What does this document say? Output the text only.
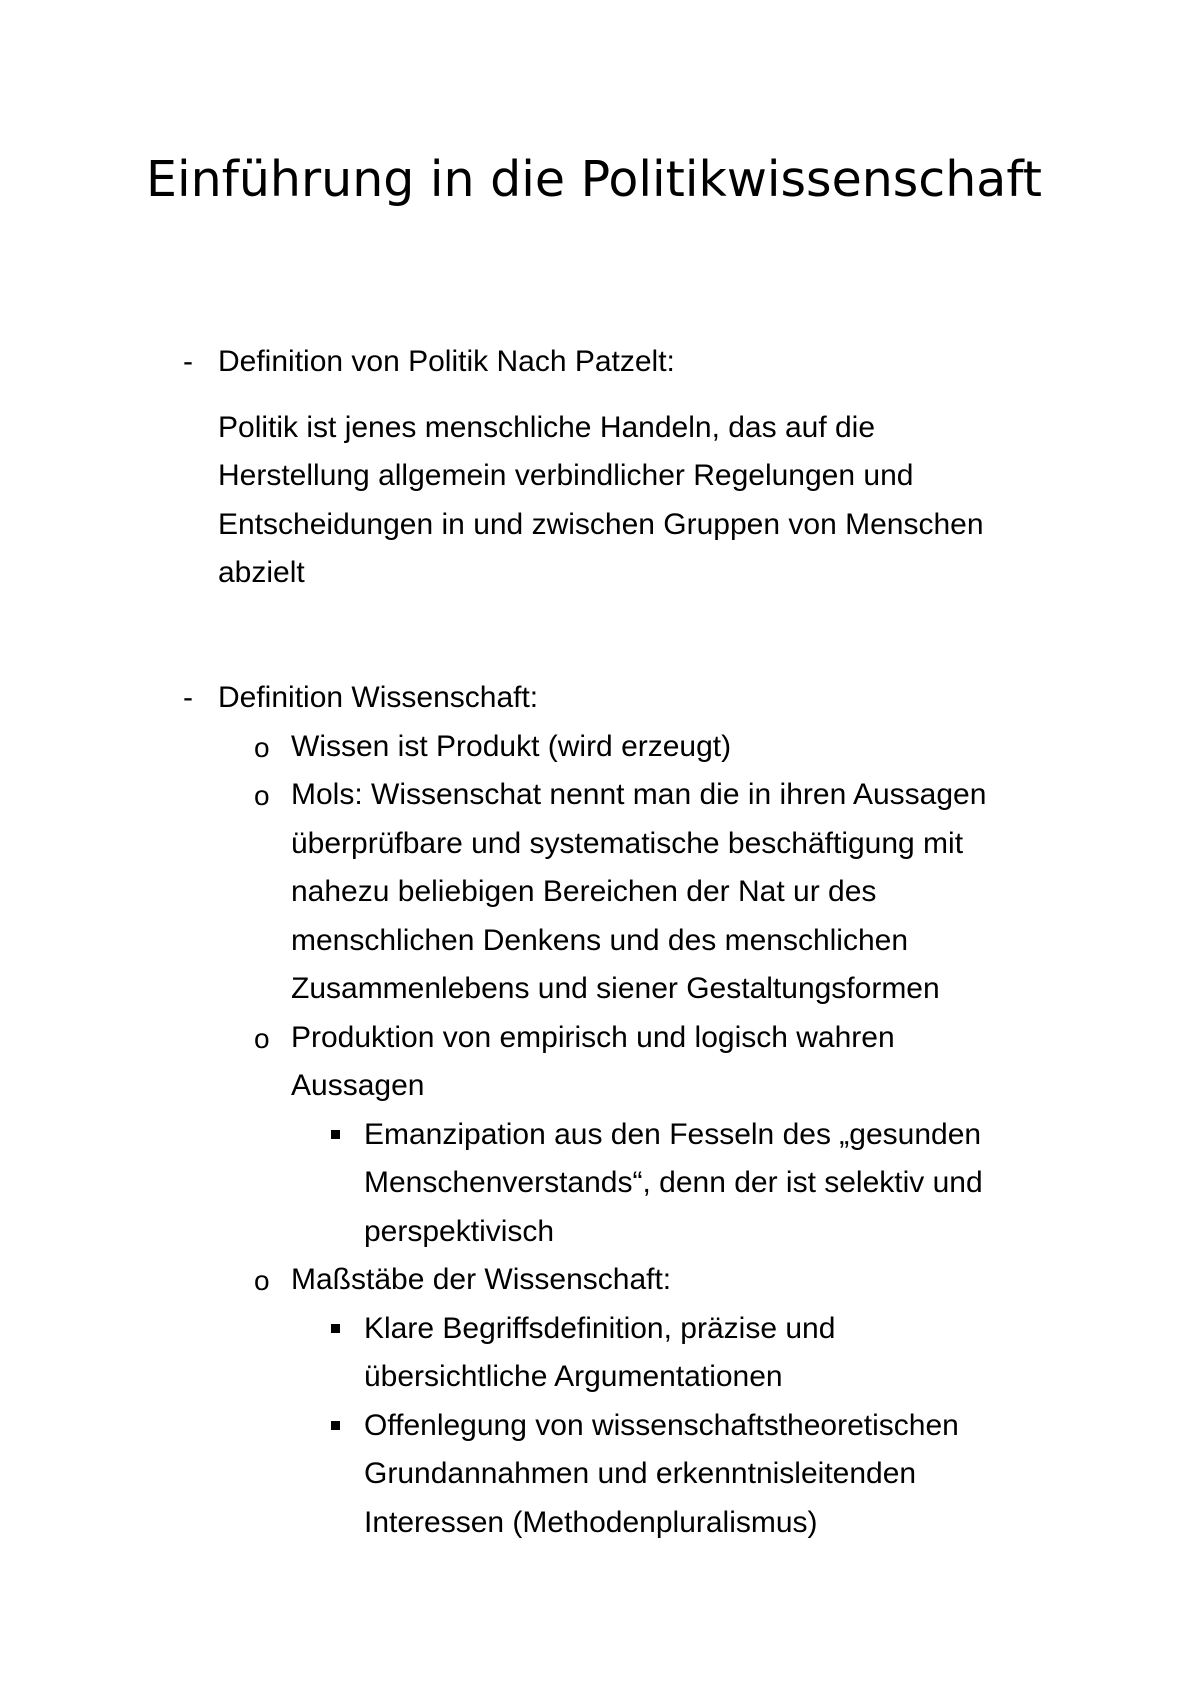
Einführung in die Politikwissenschaft
- Definition von Politik Nach Patzelt:
Politik ist jenes menschliche Handeln, das auf die
Herstellung allgemein verbindlicher Regelungen und
Entscheidungen in und zwischen Gruppen von Menschen
abzielt
- Definition Wissenschaft:
o Wissen ist Produkt (wird erzeugt)
o Mols: Wissenschat nennt man die in ihren Aussagen
überprüfbare und systematische beschäftigung mit
nahezu beliebigen Bereichen der Nat ur des
menschlichen Denkens und des menschlichen
Zusammenlebens und siener Gestaltungsformen
o Produktion von empirisch und logisch wahren
Aussagen
Emanzipation aus den Fesseln des „gesunden
Menschenverstands“, denn der ist selektiv und
perspektivisch
o Maßstäbe der Wissenschaft:
Klare Begriffsdefinition, präzise und
übersichtliche Argumentationen
Offenlegung von wissenschaftstheoretischen
Grundannahmen und erkenntnisleitenden
Interessen (Methodenpluralismus)
